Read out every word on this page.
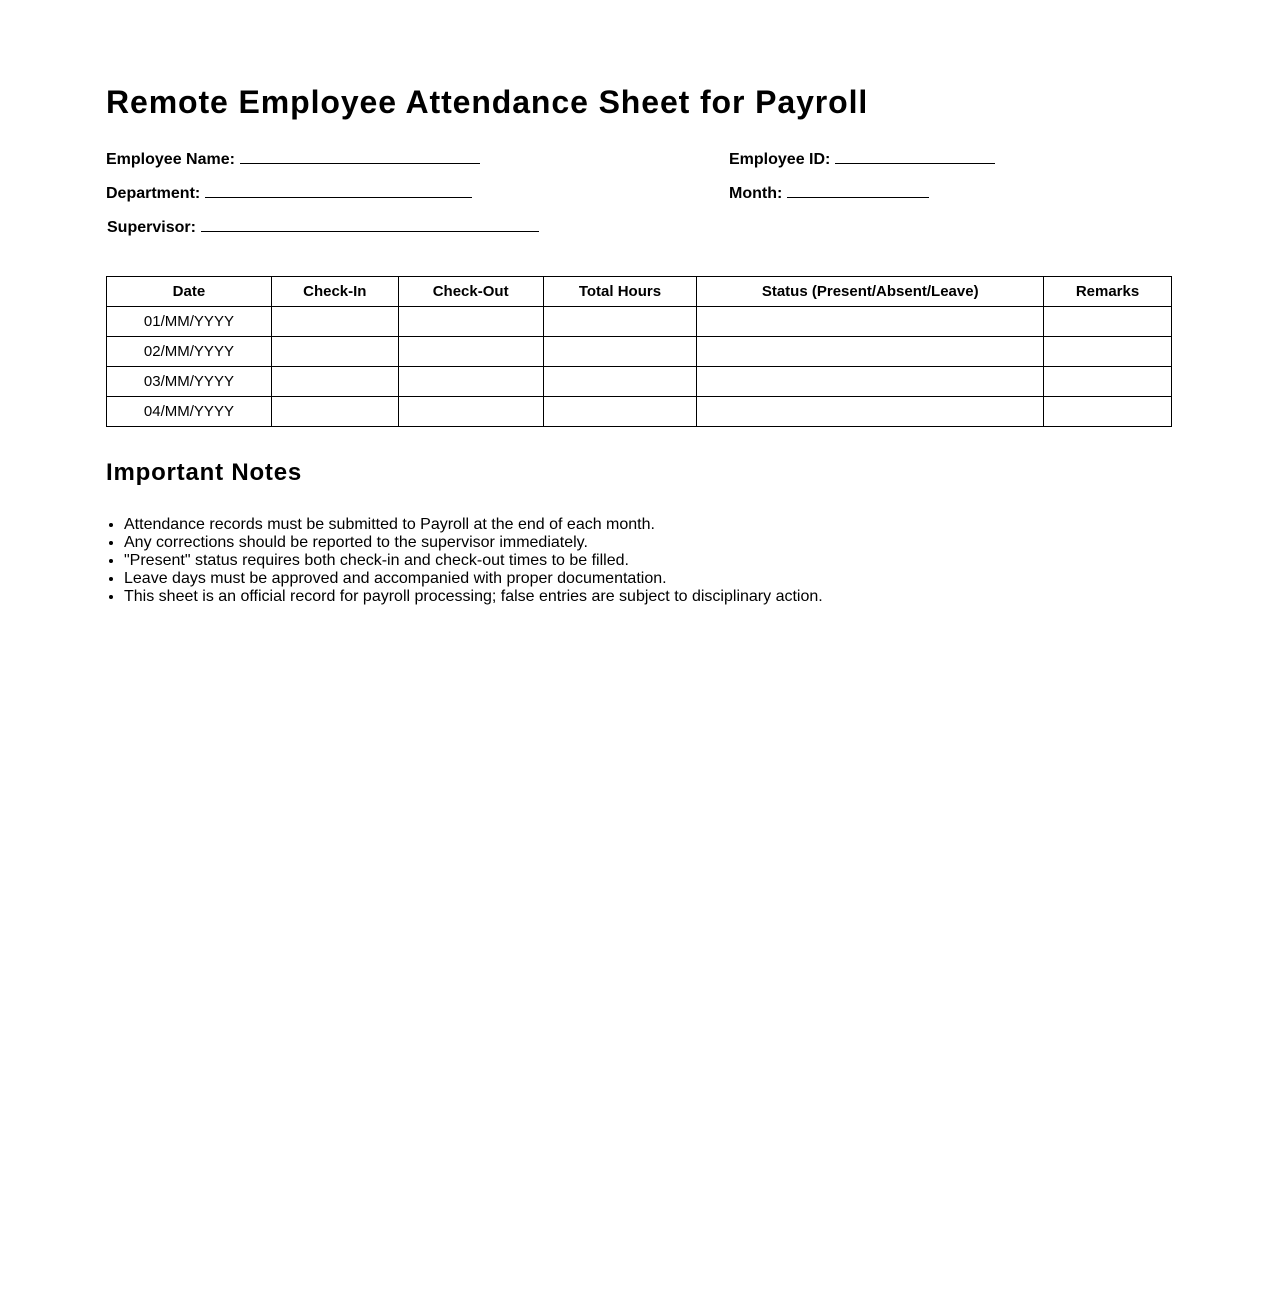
Remote Employee Attendance Sheet for Payroll
Employee Name:	Employee ID:
Department:	Month:
Supervisor:
Date	Check-In	Check-Out	Total Hours	Status (Present/Absent/Leave)	Remarks
01/MM/YYYY					
02/MM/YYYY					
03/MM/YYYY					
04/MM/YYYY					
Important Notes
• Attendance records must be submitted to Payroll at the end of each month.
• Any corrections should be reported to the supervisor immediately.
• "Present" status requires both check-in and check-out times to be filled.
• Leave days must be approved and accompanied with proper documentation.
• This sheet is an official record for payroll processing; false entries are subject to disciplinary action.
